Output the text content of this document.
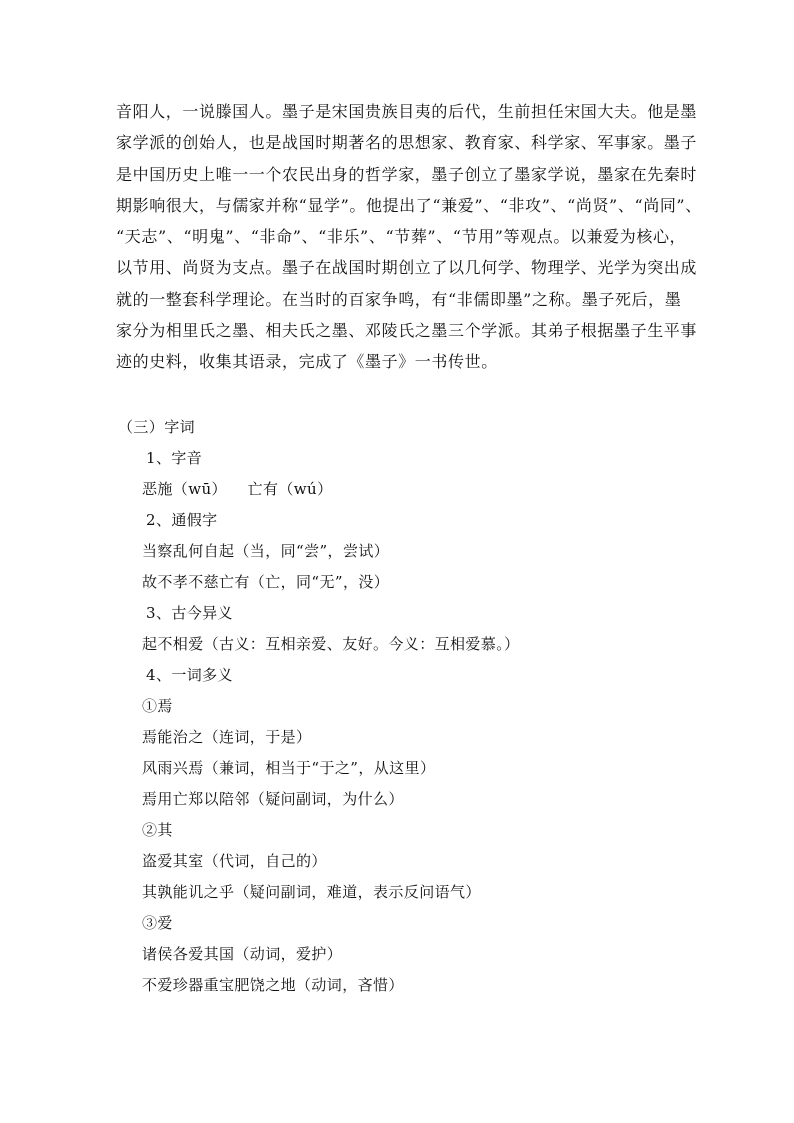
音阳人，一说滕国人。墨子是宋国贵族目夷的后代，生前担任宋国大夫。他是墨
家学派的创始人，也是战国时期著名的思想家、教育家、科学家、军事家。墨子
是中国历史上唯一一个农民出身的哲学家，墨子创立了墨家学说，墨家在先秦时
期影响很大，与儒家并称“显学”。他提出了“兼爱”、“非攻”、“尚贤”、“尚同”、
“天志”、“明鬼”、“非命”、“非乐”、“节葬”、“节用”等观点。以兼爱为核心，
以节用、尚贤为支点。墨子在战国时期创立了以几何学、物理学、光学为突出成
就的一整套科学理论。在当时的百家争鸣，有“非儒即墨”之称。墨子死后，墨
家分为相里氏之墨、相夫氏之墨、邓陵氏之墨三个学派。其弟子根据墨子生平事
迹的史料，收集其语录，完成了《墨子》一书传世。

（三）字词
1、字音
恶施（wū）    亡有（wú）
2、通假字
当察乱何自起（当，同“尝”，尝试）
故不孝不慈亡有（亡，同“无”，没）
3、古今异义
起不相爱（古义：互相亲爱、友好。今义：互相爱慕。）
4、一词多义
①焉
焉能治之（连词，于是）
风雨兴焉（兼词，相当于“于之”，从这里）
焉用亡郑以陪邻（疑问副词，为什么）
②其
盗爱其室（代词，自己的）
其孰能讥之乎（疑问副词，难道，表示反问语气）
③爱
诸侯各爱其国（动词，爱护）
不爱珍器重宝肥饶之地（动词，吝惜）
